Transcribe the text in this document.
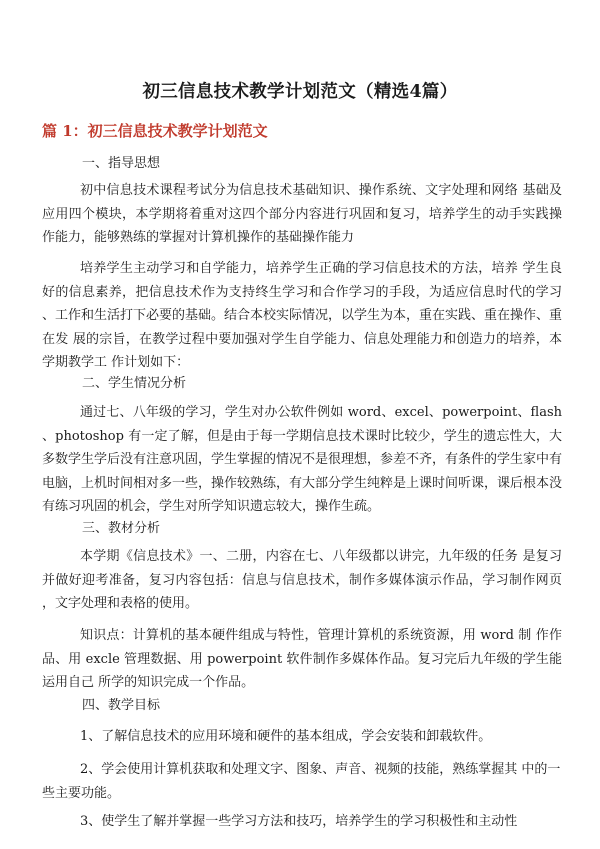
初三信息技术教学计划范文（精选4篇）
篇 1：初三信息技术教学计划范文
一、指导思想
初中信息技术课程考试分为信息技术基础知识、操作系统、文字处理和网络 基础及应用四个模块，本学期将着重对这四个部分内容进行巩固和复习，培养学生的动手实践操 作能力，能够熟练的掌握对计算机操作的基础操作能力
培养学生主动学习和自学能力，培养学生正确的学习信息技术的方法，培养 学生良好的信息素养，把信息技术作为支持终生学习和合作学习的手段，为适应信息时代的学习 、工作和生活打下必要的基础。结合本校实际情况，以学生为本，重在实践、重在操作、重在发 展的宗旨，在教学过程中要加强对学生自学能力、信息处理能力和创造力的培养，本学期教学工 作计划如下：
二、学生情况分析
通过七、八年级的学习，学生对办公软件例如 word、excel、powerpoint、flash 、photoshop 有一定了解，但是由于每一学期信息技术课时比较少，学生的遗忘性大，大多数学生学后没有注意巩固，学生掌握的情况不是很理想，参差不齐，有条件的学生家中有电脑，上机时间相对多一些，操作较熟练，有大部分学生纯粹是上课时间听课，课后根本没有练习巩固的机会，学生对所学知识遗忘较大，操作生疏。
三、教材分析
本学期《信息技术》一、二册，内容在七、八年级都以讲完，九年级的任务 是复习并做好迎考准备，复习内容包括：信息与信息技术，制作多媒体演示作品，学习制作网页 ，文字处理和表格的使用。
知识点：计算机的基本硬件组成与特性，管理计算机的系统资源，用 word 制 作作品、用 excle 管理数据、用 powerpoint 软件制作多媒体作品。复习完后九年级的学生能运用自己 所学的知识完成一个作品。
四、教学目标
1、了解信息技术的应用环境和硬件的基本组成，学会安装和卸载软件。
2、学会使用计算机获取和处理文字、图象、声音、视频的技能，熟练掌握其 中的一些主要功能。
3、使学生了解并掌握一些学习方法和技巧，培养学生的学习积极性和主动性
